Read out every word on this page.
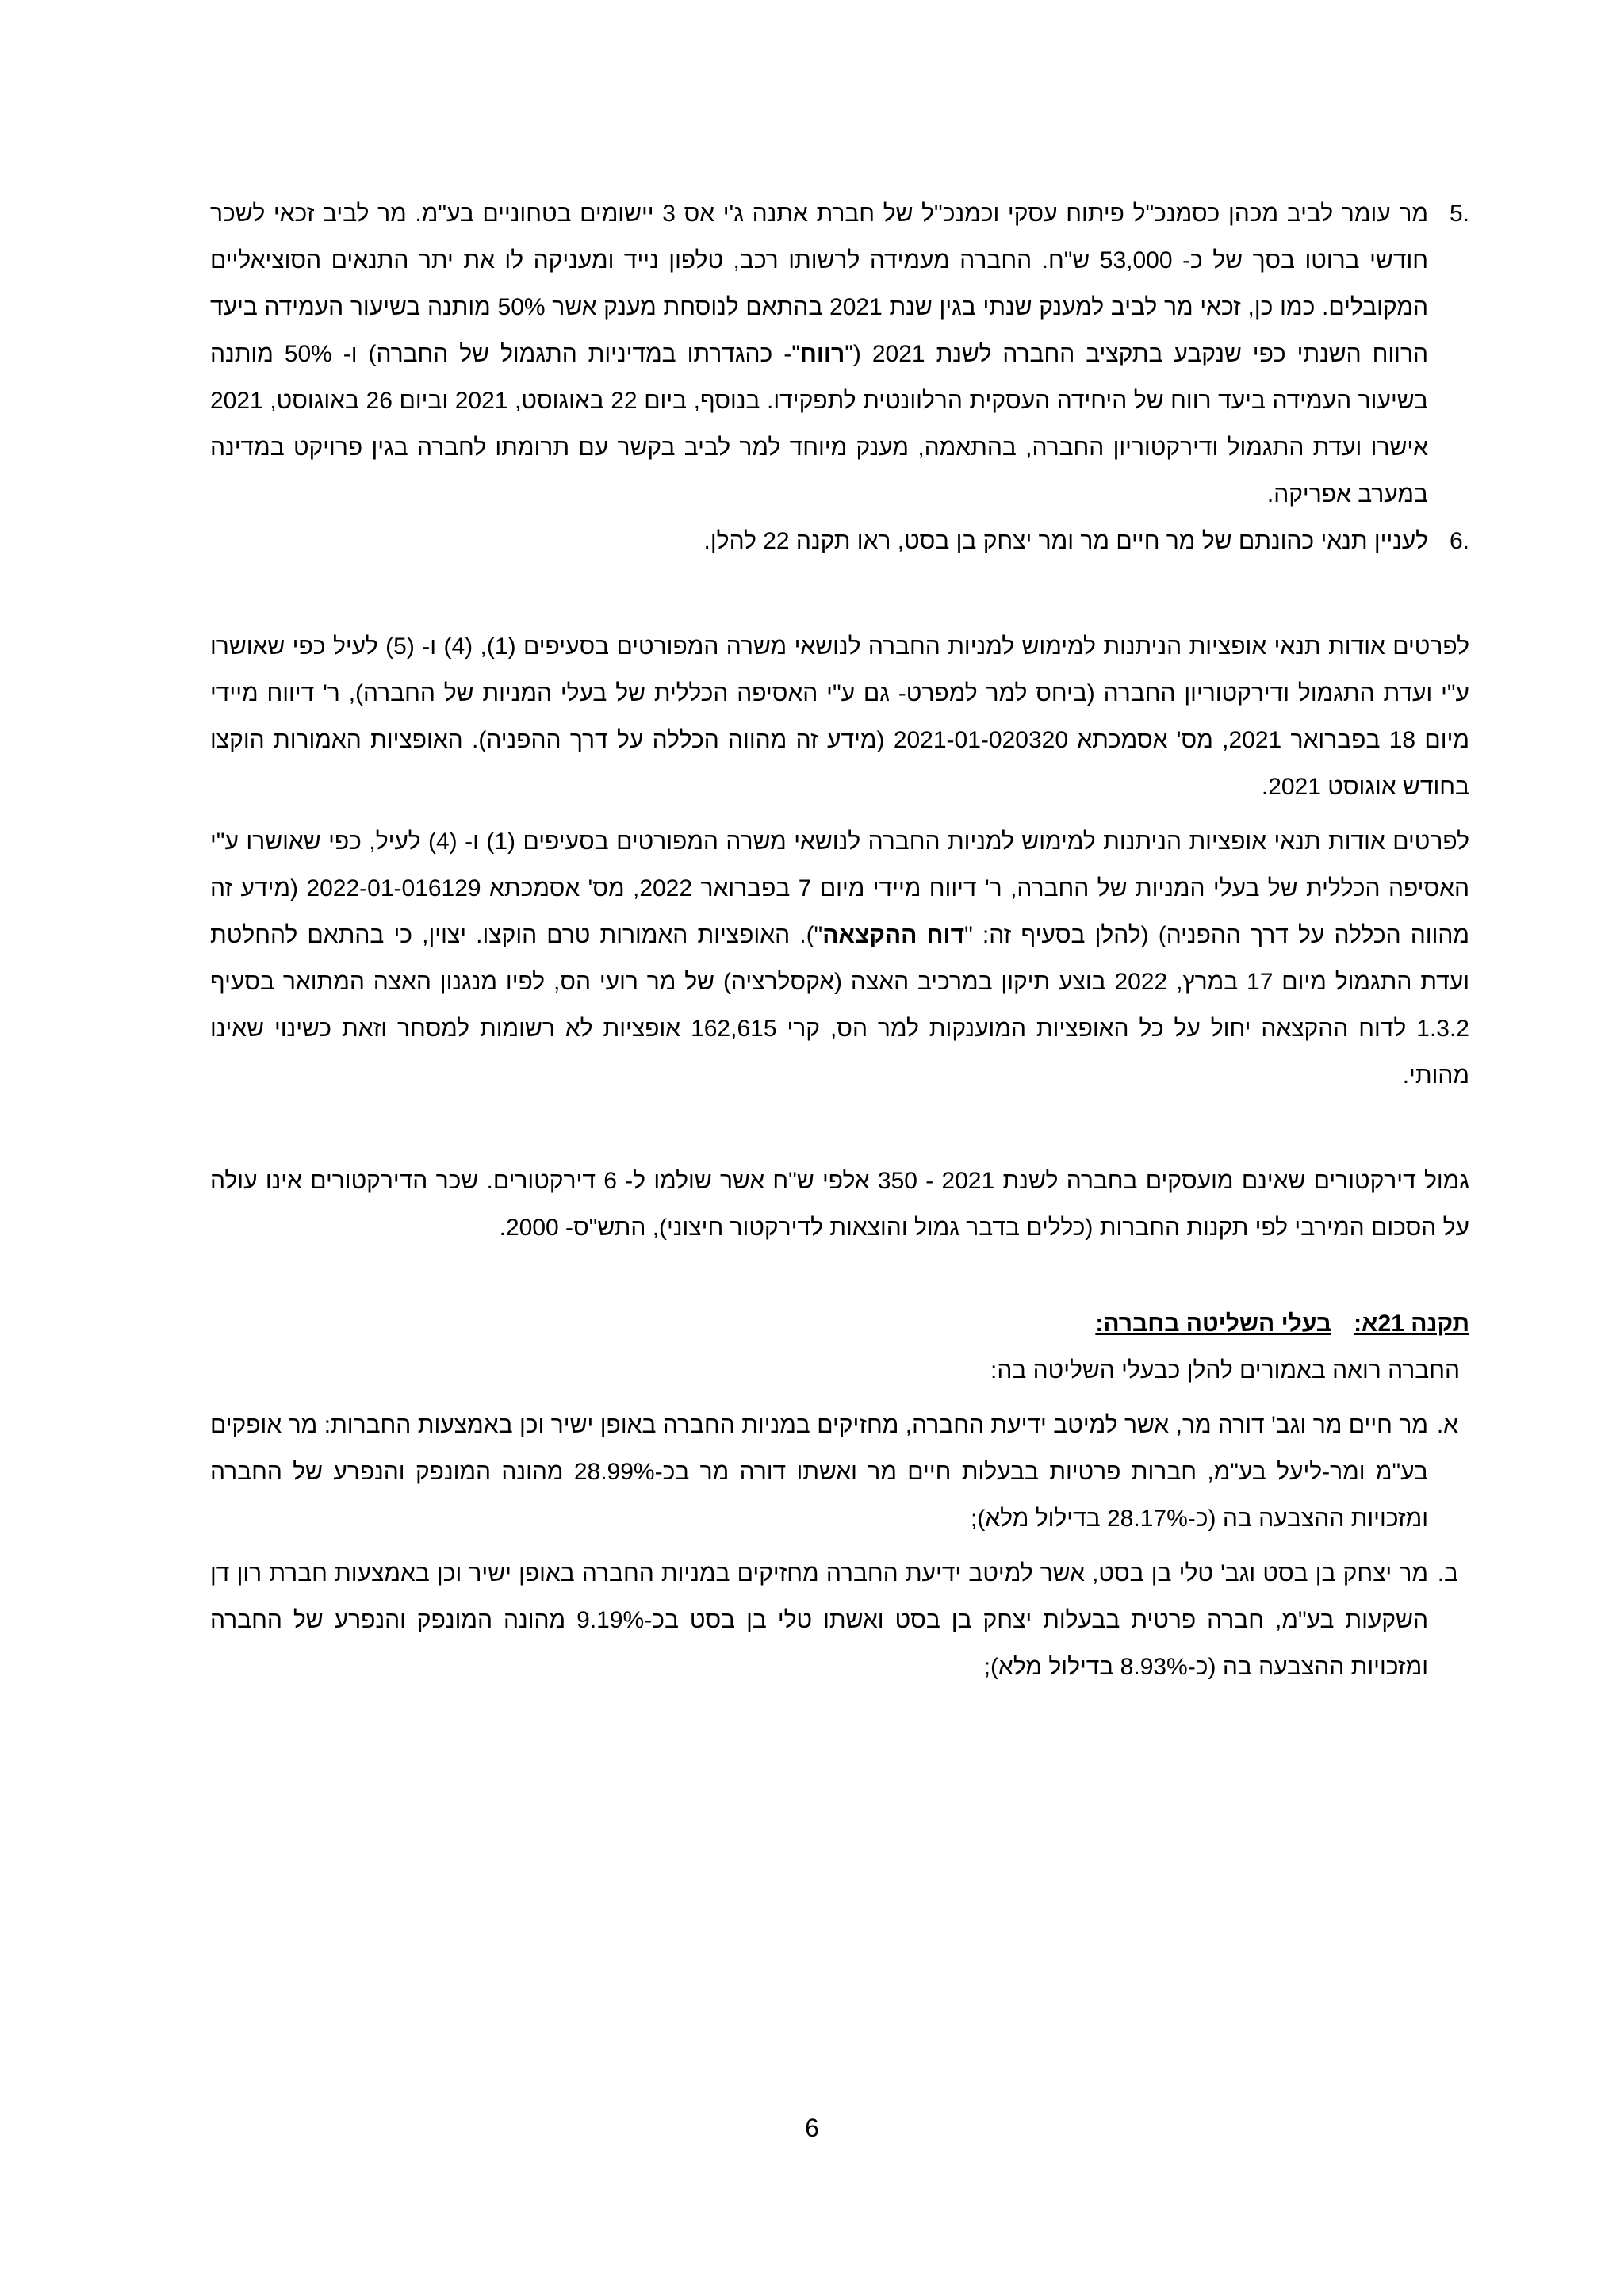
5.

מר עומר לביב מכהן כסמנכ"ל פיתוח עסקי וכמנכ"ל של חברת אתנה ג'י אס 3 יישומים בטחוניים בע"מ. מר לביב זכאי לשכר חודשי ברוטו בסך של כ- 53,000 ש"ח. החברה מעמידה לרשותו רכב, טלפון נייד ומעניקה לו את יתר התנאים הסוציאליים המקובלים. כמו כן, זכאי מר לביב למענק שנתי בגין שנת 2021 בהתאם לנוסחת מענק אשר 50% מותנה בשיעור העמידה ביעד הרווח השנתי כפי שנקבע בתקציב החברה לשנת 2021 ("רווח"- כהגדרתו במדיניות התגמול של החברה) ו- 50% מותנה בשיעור העמידה ביעד רווח של היחידה העסקית הרלוונטית לתפקידו. בנוסף, ביום 22 באוגוסט, 2021 וביום 26 באוגוסט, 2021 אישרו ועדת התגמול ודירקטוריון החברה, בהתאמה, מענק מיוחד למר לביב בקשר עם תרומתו לחברה בגין פרויקט במדינה במערב אפריקה.

6.

לעניין תנאי כהונתם של מר חיים מר ומר יצחק בן בסט, ראו תקנה 22 להלן.

לפרטים אודות תנאי אופציות הניתנות למימוש למניות החברה לנושאי משרה המפורטים בסעיפים (1), (4) ו- (5) לעיל כפי שאושרו ע"י ועדת התגמול ודירקטוריון החברה (ביחס למר למפרט- גם ע"י האסיפה הכללית של בעלי המניות של החברה), ר' דיווח מיידי מיום 18 בפברואר 2021, מס' אסמכתא 2021-01-020320 (מידע זה מהווה הכללה על דרך ההפניה). האופציות האמורות הוקצו בחודש אוגוסט 2021.

לפרטים אודות תנאי אופציות הניתנות למימוש למניות החברה לנושאי משרה המפורטים בסעיפים (1) ו- (4) לעיל, כפי שאושרו ע"י האסיפה הכללית של בעלי המניות של החברה, ר' דיווח מיידי מיום 7 בפברואר 2022, מס' אסמכתא 2022-01-016129 (מידע זה מהווה הכללה על דרך ההפניה) (להלן בסעיף זה: "דוח ההקצאה"). האופציות האמורות טרם הוקצו. יצוין, כי בהתאם להחלטת ועדת התגמול מיום 17 במרץ, 2022 בוצע תיקון במרכיב האצה (אקסלרציה) של מר רועי הס, לפיו מנגנון האצה המתואר בסעיף 1.3.2 לדוח ההקצאה יחול על כל האופציות המוענקות למר הס, קרי 162,615 אופציות לא רשומות למסחר וזאת כשינוי שאינו מהותי.

גמול דירקטורים שאינם מועסקים בחברה לשנת 2021 - 350 אלפי ש"ח אשר שולמו ל- 6 דירקטורים. שכר הדירקטורים אינו עולה על הסכום המירבי לפי תקנות החברות (כללים בדבר גמול והוצאות לדירקטור חיצוני), התש"ס- 2000.

תקנה 21א:
בעלי השליטה בחברה:

החברה רואה באמורים להלן כבעלי השליטה בה:

א.

מר חיים מר וגב' דורה מר, אשר למיטב ידיעת החברה, מחזיקים במניות החברה באופן ישיר וכן באמצעות החברות: מר אופקים בע"מ ומר-ליעל בע"מ, חברות פרטיות בבעלות חיים מר ואשתו דורה מר בכ-28.99% מהונה המונפק והנפרע של החברה ומזכויות ההצבעה בה (כ-28.17% בדילול מלא);

ב.

מר יצחק בן בסט וגב' טלי בן בסט, אשר למיטב ידיעת החברה מחזיקים במניות החברה באופן ישיר וכן באמצעות חברת רון דן השקעות בע"מ, חברה פרטית בבעלות יצחק בן בסט ואשתו טלי בן בסט בכ-9.19% מהונה המונפק והנפרע של החברה ומזכויות ההצבעה בה (כ-8.93% בדילול מלא);

6
